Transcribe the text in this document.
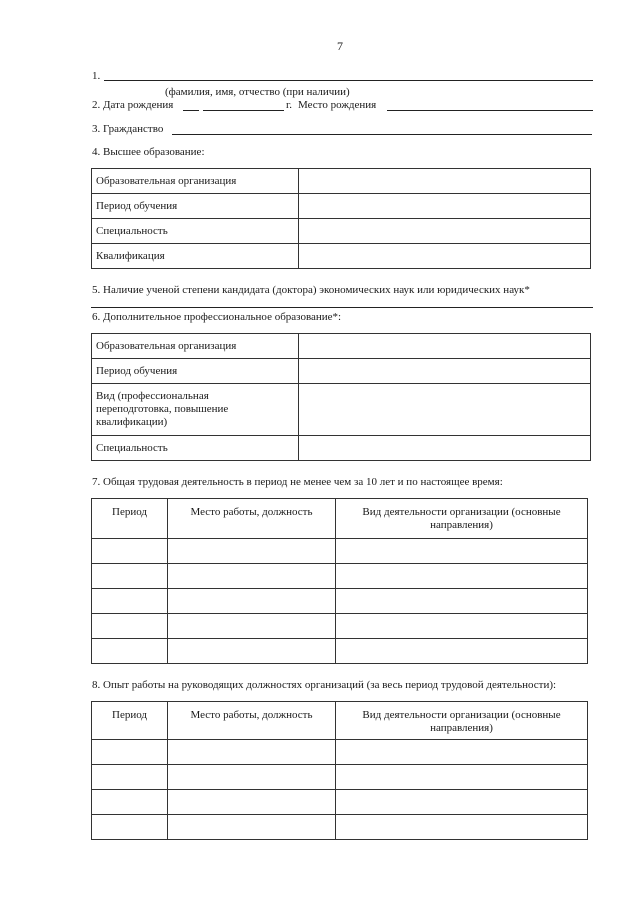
7
1.
(фамилия, имя, отчество (при наличии)
2. Дата рождения	г. Место рождения
3. Гражданство
4. Высшее образование:
Образовательная организация	
Период обучения	
Специальность	
Квалификация	
5. Наличие ученой степени кандидата (доктора) экономических наук или юридических наук*
6. Дополнительное профессиональное образование*:
Образовательная организация	
Период обучения	
Вид (профессиональная переподготовка, повышение квалификации)	
Специальность	
7. Общая трудовая деятельность в период не менее чем за 10 лет и по настоящее время:
Период	Место работы, должность	Вид деятельности организации (основные направления)

8. Опыт работы на руководящих должностях организаций (за весь период трудовой деятельности):
Период	Место работы, должность	Вид деятельности организации (основные направления)
